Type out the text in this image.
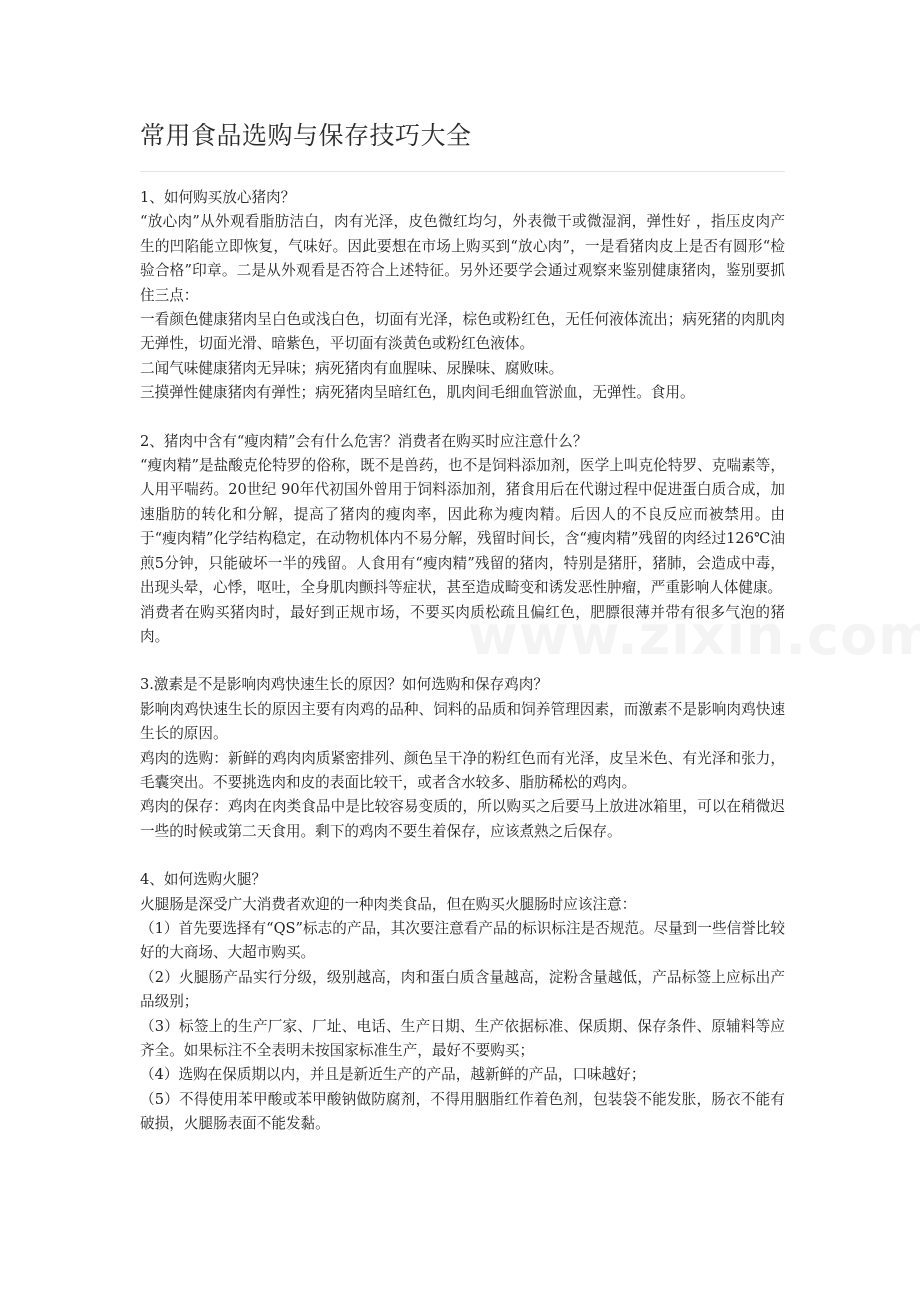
常用食品选购与保存技巧大全

1、如何购买放心猪肉？

“放心肉”从外观看脂肪洁白，肉有光泽，皮色微红均匀，外表微干或微湿润，弹性好 ，指压皮肉产生的凹陷能立即恢复，气味好。因此要想在市场上购买到“放心肉”，一是看猪肉皮上是否有圆形“检验合格”印章。二是从外观看是否符合上述特征。另外还要学会通过观察来鉴别健康猪肉，鉴别要抓住三点：

一看颜色健康猪肉呈白色或浅白色，切面有光泽，棕色或粉红色，无任何液体流出；病死猪的肉肌肉无弹性，切面光滑、暗紫色，平切面有淡黄色或粉红色液体。

二闻气味健康猪肉无异味；病死猪肉有血腥味、尿臊味、腐败味。

三摸弹性健康猪肉有弹性；病死猪肉呈暗红色，肌肉间毛细血管淤血，无弹性。食用。

2、猪肉中含有“瘦肉精”会有什么危害？消费者在购买时应注意什么？

“瘦肉精”是盐酸克伦特罗的俗称，既不是兽药，也不是饲料添加剂，医学上叫克伦特罗、克喘素等，人用平喘药。20世纪 90年代初国外曾用于饲料添加剂，猪食用后在代谢过程中促进蛋白质合成，加速脂肪的转化和分解，提高了猪肉的瘦肉率，因此称为瘦肉精。后因人的不良反应而被禁用。由于“瘦肉精”化学结构稳定，在动物机体内不易分解，残留时间长，含“瘦肉精”残留的肉经过126℃油煎5分钟，只能破坏一半的残留。人食用有“瘦肉精”残留的猪肉，特别是猪肝，猪肺，会造成中毒，出现头晕，心悸，呕吐，全身肌肉颤抖等症状，甚至造成畸变和诱发恶性肿瘤，严重影响人体健康。

消费者在购买猪肉时，最好到正规市场，不要买肉质松疏且偏红色，肥膘很薄并带有很多气泡的猪肉。

3.激素是不是影响肉鸡快速生长的原因？如何选购和保存鸡肉？

影响肉鸡快速生长的原因主要有肉鸡的品种、饲料的品质和饲养管理因素，而激素不是影响肉鸡快速生长的原因。

鸡肉的选购：新鲜的鸡肉肉质紧密排列、颜色呈干净的粉红色而有光泽，皮呈米色、有光泽和张力，毛囊突出。不要挑选肉和皮的表面比较干，或者含水较多、脂肪稀松的鸡肉。

鸡肉的保存：鸡肉在肉类食品中是比较容易变质的，所以购买之后要马上放进冰箱里，可以在稍微迟一些的时候或第二天食用。剩下的鸡肉不要生着保存，应该煮熟之后保存。

4、如何选购火腿？

火腿肠是深受广大消费者欢迎的一种肉类食品，但在购买火腿肠时应该注意：

（1）首先要选择有“QS”标志的产品，其次要注意看产品的标识标注是否规范。尽量到一些信誉比较好的大商场、大超市购买。

（2）火腿肠产品实行分级，级别越高，肉和蛋白质含量越高，淀粉含量越低，产品标签上应标出产品级别；

（3）标签上的生产厂家、厂址、电话、生产日期、生产依据标准、保质期、保存条件、原辅料等应齐全。如果标注不全表明未按国家标准生产，最好不要购买；

（4）选购在保质期以内，并且是新近生产的产品，越新鲜的产品，口味越好；

（5）不得使用苯甲酸或苯甲酸钠做防腐剂，不得用胭脂红作着色剂，包装袋不能发胀，肠衣不能有破损，火腿肠表面不能发黏。
